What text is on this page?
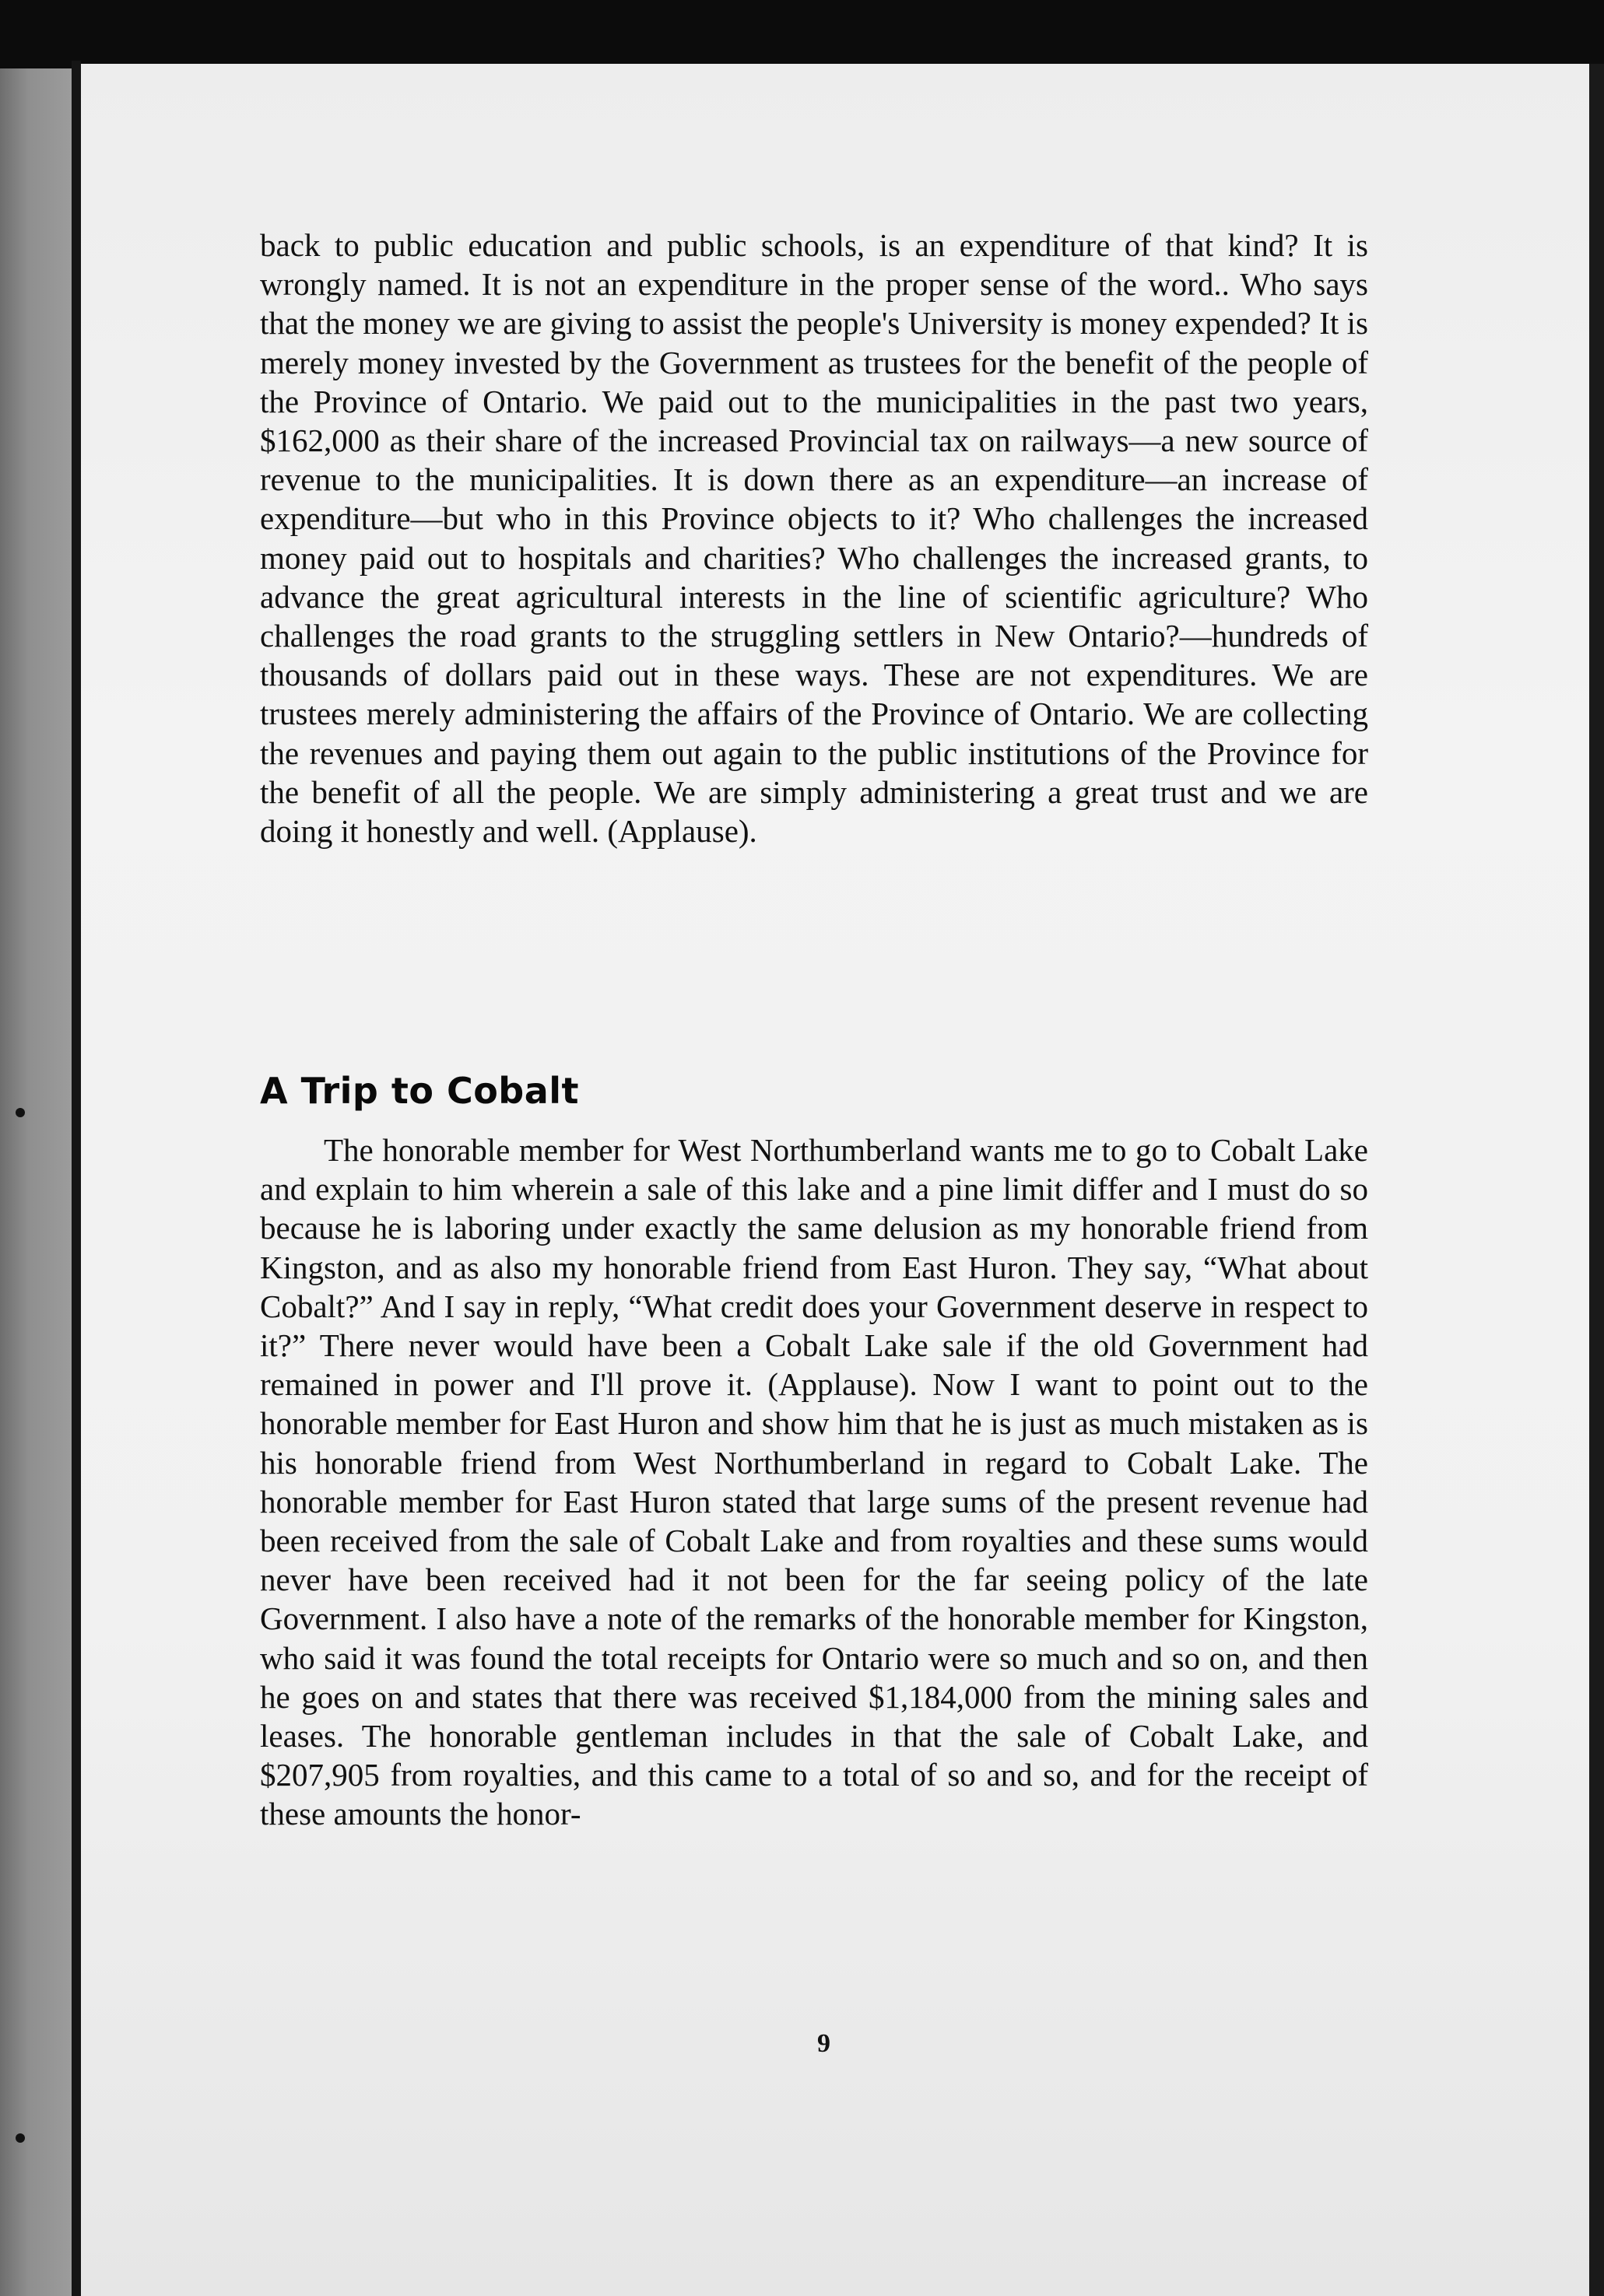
back to public education and public schools, is an expenditure of that kind? It is wrongly named. It is not an expenditure in the proper sense of the word.. Who says that the money we are giving to assist the people's University is money expended? It is merely money invested by the Government as trustees for the benefit of the people of the Province of Ontario. We paid out to the municipalities in the past two years, $162,000 as their share of the increased Provincial tax on railways—a new source of revenue to the municipalities. It is down there as an expenditure—an increase of expenditure—but who in this Province objects to it? Who challenges the increased money paid out to hospitals and charities? Who challenges the increased grants, to advance the great agricultural interests in the line of scientific agriculture? Who challenges the road grants to the struggling settlers in New Ontario?—hundreds of thousands of dollars paid out in these ways. These are not expenditures. We are trustees merely administering the affairs of the Province of Ontario. We are collecting the revenues and paying them out again to the public institutions of the Province for the benefit of all the people. We are simply administering a great trust and we are doing it honestly and well. (Applause).

A Trip to Cobalt

The honorable member for West Northumberland wants me to go to Cobalt Lake and explain to him wherein a sale of this lake and a pine limit differ and I must do so because he is laboring under exactly the same delusion as my honorable friend from Kingston, and as also my honorable friend from East Huron. They say, “What about Cobalt?” And I say in reply, “What credit does your Government deserve in respect to it?” There never would have been a Cobalt Lake sale if the old Government had remained in power and I'll prove it. (Applause). Now I want to point out to the honorable member for East Huron and show him that he is just as much mistaken as is his honorable friend from West Northumberland in regard to Cobalt Lake. The honorable member for East Huron stated that large sums of the present revenue had been received from the sale of Cobalt Lake and from royalties and these sums would never have been received had it not been for the far seeing policy of the late Government. I also have a note of the remarks of the honorable member for Kingston, who said it was found the total receipts for Ontario were so much and so on, and then he goes on and states that there was received $1,184,000 from the mining sales and leases. The honorable gentleman includes in that the sale of Cobalt Lake, and $207,905 from royalties, and this came to a total of so and so, and for the receipt of these amounts the honor-

9
